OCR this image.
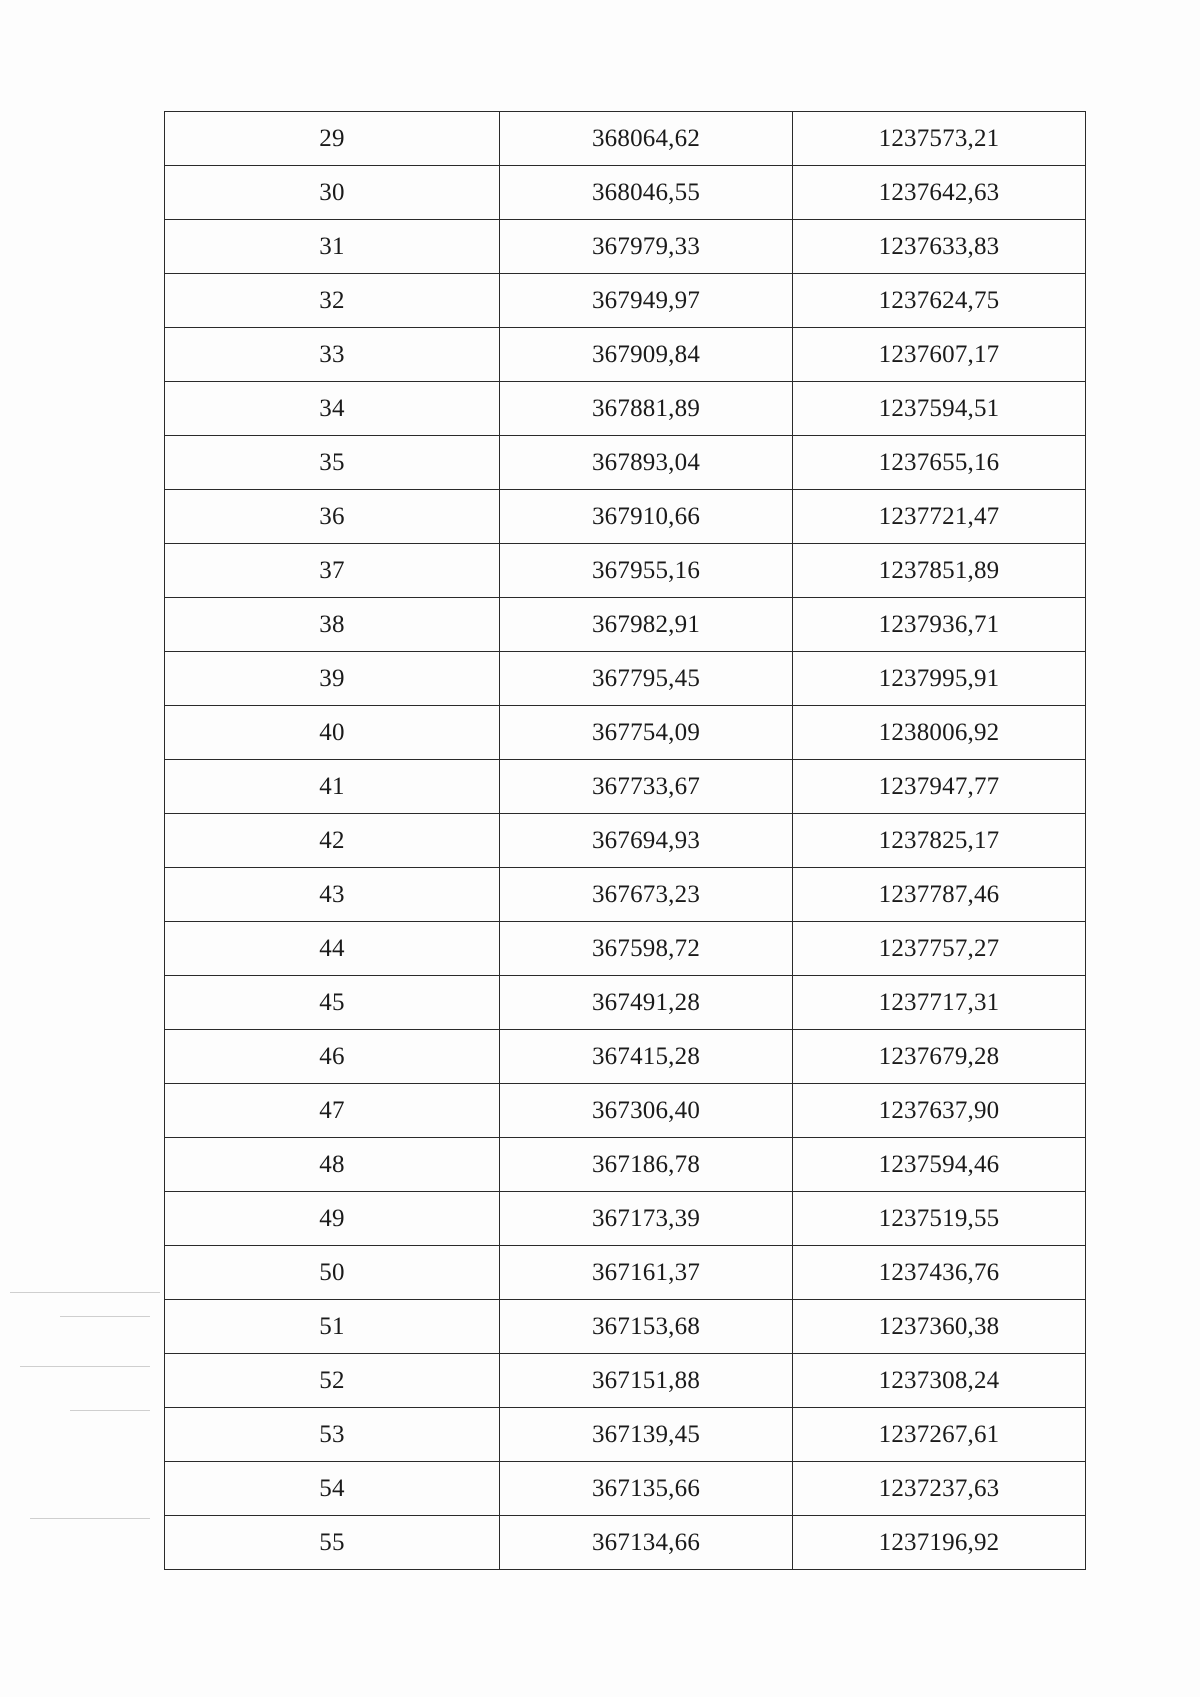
29	368064,62	1237573,21
30	368046,55	1237642,63
31	367979,33	1237633,83
32	367949,97	1237624,75
33	367909,84	1237607,17
34	367881,89	1237594,51
35	367893,04	1237655,16
36	367910,66	1237721,47
37	367955,16	1237851,89
38	367982,91	1237936,71
39	367795,45	1237995,91
40	367754,09	1238006,92
41	367733,67	1237947,77
42	367694,93	1237825,17
43	367673,23	1237787,46
44	367598,72	1237757,27
45	367491,28	1237717,31
46	367415,28	1237679,28
47	367306,40	1237637,90
48	367186,78	1237594,46
49	367173,39	1237519,55
50	367161,37	1237436,76
51	367153,68	1237360,38
52	367151,88	1237308,24
53	367139,45	1237267,61
54	367135,66	1237237,63
55	367134,66	1237196,92
